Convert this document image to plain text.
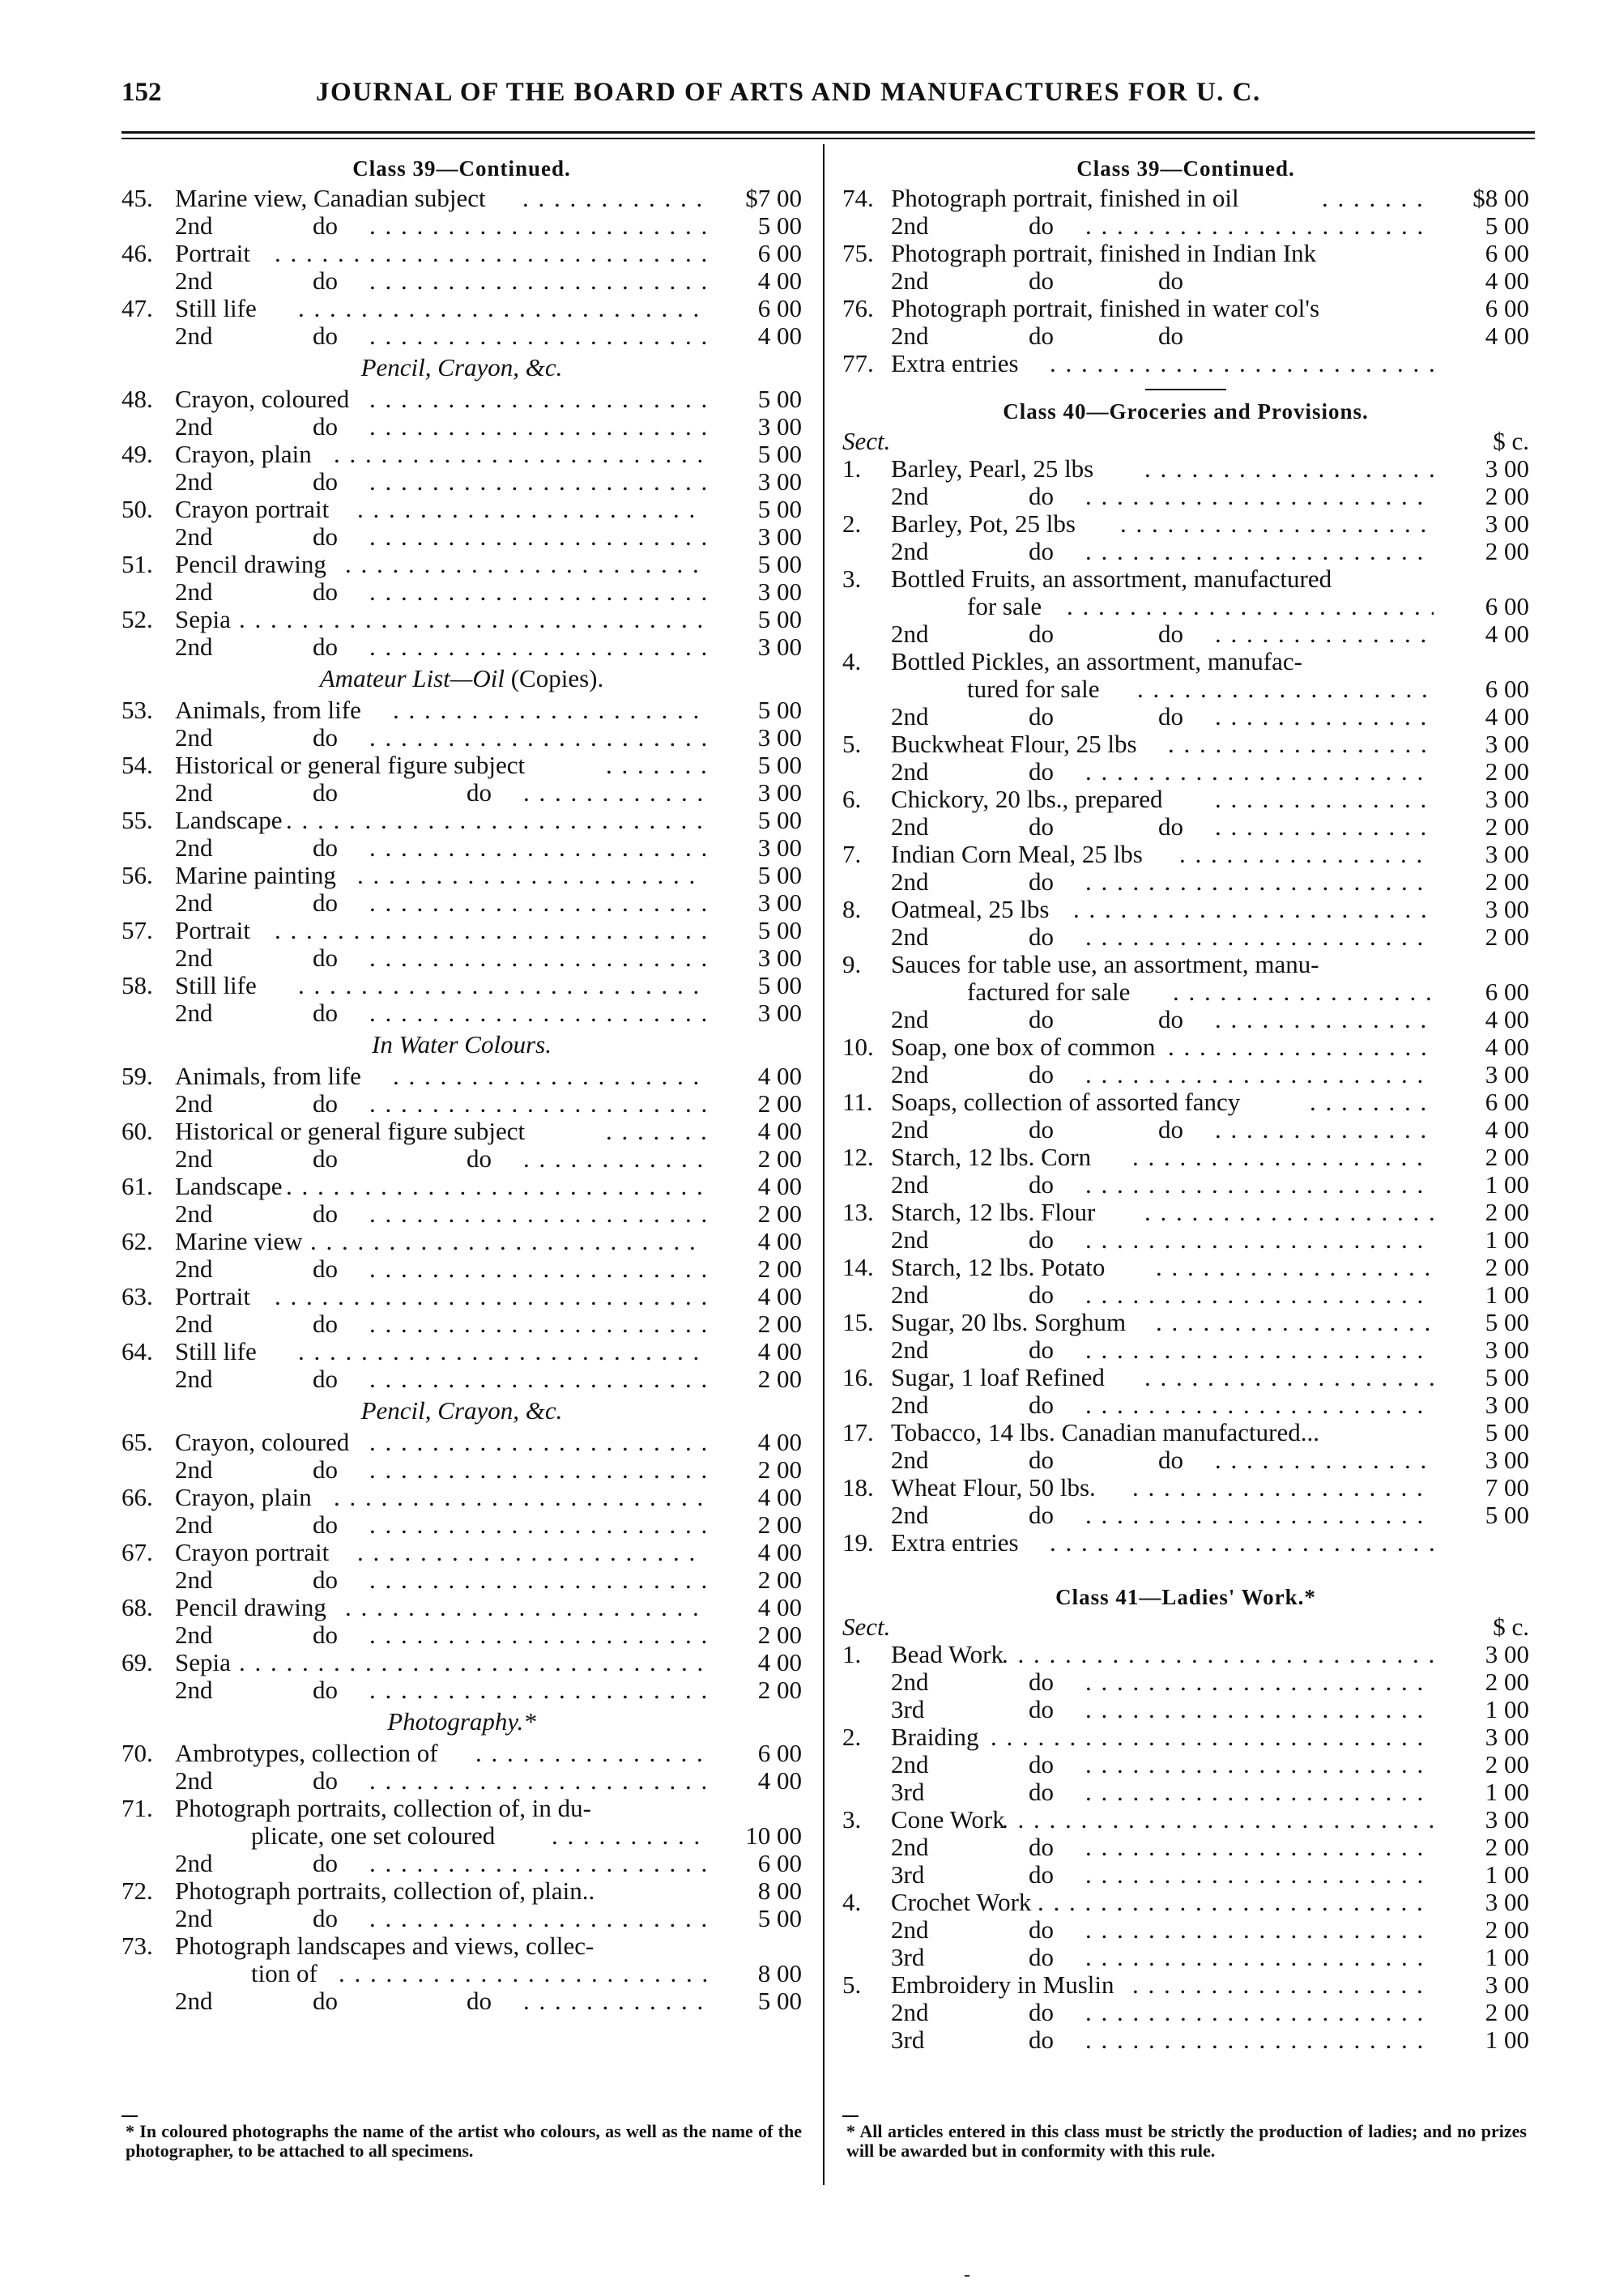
152	JOURNAL OF THE BOARD OF ARTS AND MANUFACTURES FOR U. C.
Class 39—Continued.
45. Marine view, Canadian subject . . .	$7 00
2nd	do . . .	5 00
46. Portrait . . .	6 00
2nd	do . . .	4 00
47. Still life . . .	6 00
2nd	do . . .	4 00
Pencil, Crayon, &c.
48. Crayon, coloured . . .	5 00
2nd	do . . .	3 00
49. Crayon, plain . . .	5 00
2nd	do . . .	3 00
50. Crayon portrait . . .	5 00
2nd	do . . .	3 00
51. Pencil drawing . . .	5 00
2nd	do . . .	3 00
52. Sepia . . .	5 00
2nd	do . . .	3 00
Amateur List—Oil (Copies).
53. Animals, from life . . .	5 00
2nd	do . . .	3 00
54. Historical or general figure subject . . .	5 00
2nd	do	do . . .	3 00
55. Landscape . . .	5 00
2nd	do . . .	3 00
56. Marine painting . . .	5 00
2nd	do . . .	3 00
57. Portrait . . .	5 00
2nd	do . . .	3 00
58. Still life . . .	5 00
2nd	do . . .	3 00
In Water Colours.
59. Animals, from life . . .	4 00
2nd	do . . .	2 00
60. Historical or general figure subject . . .	4 00
2nd	do	do . . .	2 00
61. Landscape . . .	4 00
2nd	do . . .	2 00
62. Marine view . . .	4 00
2nd	do . . .	2 00
63. Portrait . . .	4 00
2nd	do . . .	2 00
64. Still life . . .	4 00
2nd	do . . .	2 00
Pencil, Crayon, &c.
65. Crayon, coloured . . .	4 00
2nd	do . . .	2 00
66. Crayon, plain . . .	4 00
2nd	do . . .	2 00
67. Crayon portrait . . .	4 00
2nd	do . . .	2 00
68. Pencil drawing . . .	4 00
2nd	do . . .	2 00
69. Sepia . . .	4 00
2nd	do . . .	2 00
Photography.*
70. Ambrotypes, collection of . . .	6 00
2nd	do . . .	4 00
71. Photograph portraits, collection of, in du-
plicate, one set coloured . . .	10 00
2nd	do . . .	6 00
72. Photograph portraits, collection of, plain..	8 00
2nd	do . . .	5 00
73. Photograph landscapes and views, collec-
tion of . . .	8 00
2nd	do	do . . .	5 00
Class 39—Continued.
74. Photograph portrait, finished in oil . . .	$8 00
2nd	do . . .	5 00
75. Photograph portrait, finished in Indian Ink	6 00
2nd	do	do	4 00
76. Photograph portrait, finished in water col's	6 00
2nd	do	do	4 00
77. Extra entries
. . .
Class 40—Groceries and Provisions.
Sect.	$ c.
1. Barley, Pearl, 25 lbs . . .	3 00
2nd	do . . .	2 00
2. Barley, Pot, 25 lbs . . .	3 00
2nd	do . . .	2 00
3. Bottled Fruits, an assortment, manufactured
for sale . . .	6 00
2nd	do	do . . .	4 00
4. Bottled Pickles, an assortment, manufac-
tured for sale . . .	6 00
2nd	do	do . . .	4 00
5. Buckwheat Flour, 25 lbs . . .	3 00
2nd	do . . .	2 00
6. Chickory, 20 lbs., prepared . . .	3 00
2nd	do	do . . .	2 00
7. Indian Corn Meal, 25 lbs . . .	3 00
2nd	do . . .	2 00
8. Oatmeal, 25 lbs . . .	3 00
2nd	do . . .	2 00
9. Sauces for table use, an assortment, manu-
factured for sale . . .	6 00
2nd	do	do . . .	4 00
10. Soap, one box of common . . .	4 00
2nd	do . . .	3 00
11. Soaps, collection of assorted fancy . . .	6 00
2nd	do	do . . .	4 00
12. Starch, 12 lbs. Corn . . .	2 00
2nd	do . . .	1 00
13. Starch, 12 lbs. Flour . . .	2 00
2nd	do . . .	1 00
14. Starch, 12 lbs. Potato . . .	2 00
2nd	do . . .	1 00
15. Sugar, 20 lbs. Sorghum . . .	5 00
2nd	do . . .	3 00
16. Sugar, 1 loaf Refined . . .	5 00
2nd	do . . .	3 00
17. Tobacco, 14 lbs. Canadian manufactured...	5 00
2nd	do	do . . .	3 00
18. Wheat Flour, 50 lbs. . . .	7 00
2nd	do . . .	5 00
19. Extra entries
. . .
Class 41—Ladies' Work.*
Sect.	$ c.
1. Bead Work . . .	3 00
2nd	do . . .	2 00
3rd	do . . .	1 00
2. Braiding . . .	3 00
2nd	do . . .	2 00
3rd	do . . .	1 00
3. Cone Work . . .	3 00
2nd	do . . .	2 00
3rd	do . . .	1 00
4. Crochet Work . . .	3 00
2nd	do . . .	2 00
3rd	do . . .	1 00
5. Embroidery in Muslin . . .	3 00
2nd	do . . .	2 00
3rd	do . . .	1 00
* In coloured photographs the name of the artist who colours, as well as the name of the photographer, to be attached to all specimens.
* All articles entered in this class must be strictly the production of ladies; and no prizes will be awarded but in conformity with this rule.
-
